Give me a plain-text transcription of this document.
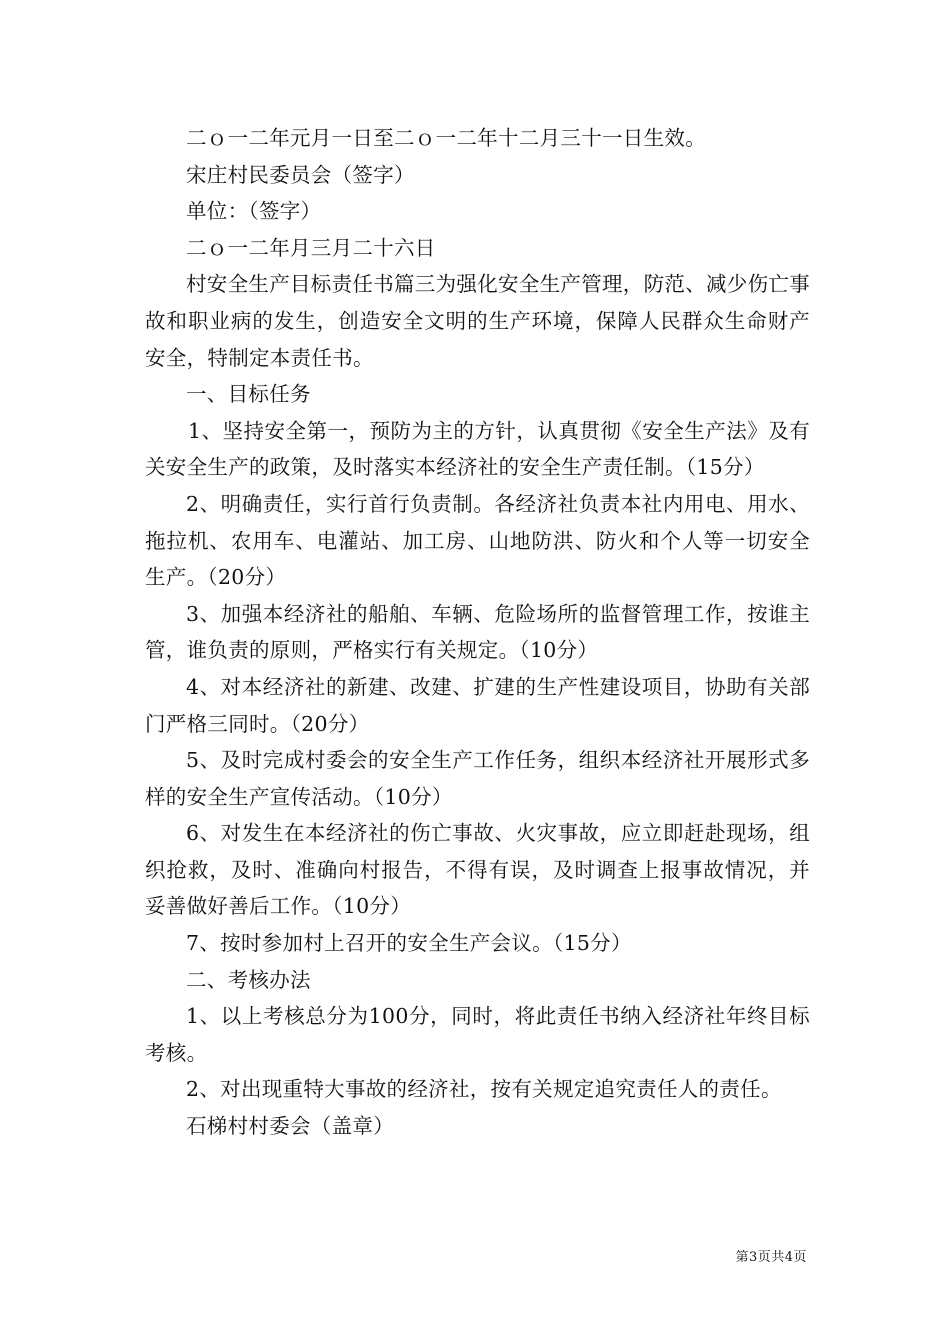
二ｏ一二年元月一日至二ｏ一二年十二月三十一日生效。

宋庄村民委员会（签字）

单位：（签字）

二ｏ一二年月三月二十六日

村安全生产目标责任书篇三为强化安全生产管理，防范、减少伤亡事故和职业病的发生，创造安全文明的生产环境，保障人民群众生命财产安全，特制定本责任书。

一、目标任务

1、坚持安全第一，预防为主的方针，认真贯彻《安全生产法》及有关安全生产的政策，及时落实本经济社的安全生产责任制。（15分）

2、明确责任，实行首行负责制。各经济社负责本社内用电、用水、拖拉机、农用车、电灌站、加工房、山地防洪、防火和个人等一切安全生产。（20分）

3、加强本经济社的船舶、车辆、危险场所的监督管理工作，按谁主管，谁负责的原则，严格实行有关规定。（10分）

4、对本经济社的新建、改建、扩建的生产性建设项目，协助有关部门严格三同时。（20分）

5、及时完成村委会的安全生产工作任务，组织本经济社开展形式多样的安全生产宣传活动。（10分）

6、对发生在本经济社的伤亡事故、火灾事故，应立即赶赴现场，组织抢救，及时、准确向村报告，不得有误，及时调查上报事故情况，并妥善做好善后工作。（10分）

7、按时参加村上召开的安全生产会议。（15分）

二、考核办法

1、以上考核总分为100分，同时，将此责任书纳入经济社年终目标考核。

2、对出现重特大事故的经济社，按有关规定追究责任人的责任。

石梯村村委会（盖章）

第3页共4页
